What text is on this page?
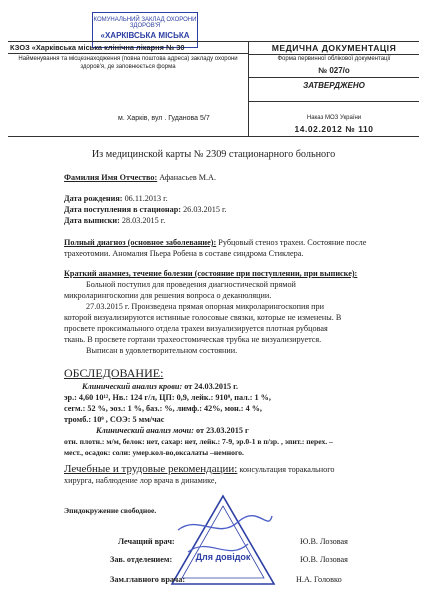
КОМУНАЛЬНИЙ ЗАКЛАД ОХОРОНИ ЗДОРОВ'Я
«ХАРКІВСЬКА МІСЬКА
КЗОЗ «Харківська міська клінічна лікарня № 30
Найменування та місцезнаходження (повна поштова адреса) закладу охорони здоров'я, де заповнюється форма
м. Харків, вул . Гуданова 5/7
МЕДИЧНА ДОКУМЕНТАЦІЯ
Форма первинної облікової документації
№ 027/о
ЗАТВЕРДЖЕНО
Наказ МОЗ України
14.02.2012 № 110
Из медицинской карты № 2309 стационарного больного
Фамилия Имя Отчество: Афанасьев М.А.
Дата рождения: 06.11.2013 г.
Дата поступления в стационар: 26.03.2015 г.
Дата выписки: 28.03.2015 г.
Полный диагноз (основное заболевание): Рубцовый стеноз трахеи. Состояние после
трахеотомии. Аномалия Пьера Робена в составе синдрома Стиклера.
Краткий анамнез, течение болезни (состояние при поступлении, при выписке):
Больной поступил для проведения диагностической прямой
микроларингоскопии для решения вопроса о деканюляции.
27.03.2015 г. Произведена прямая опорная микроларингоскопия при
которой визуализируются истинные голосовые связки, которые не изменены. В
просвете проксимального отдела трахеи визуализируется плотная рубцовая
ткань. В просвете гортани трахеостомическая трубка не визуализируется.
Выписан в удовлетворительном состоянии.
ОБСЛЕДОВАНИЕ:
Клинический анализ крови: от 24.03.2015 г.
эр.: 4,60 10¹², Нв.: 124 г/л, ЦП: 0,9, лейк.: 910⁹, пал.: 1 %,
сегм.: 52 %, эоз.: 1 %, баз.: %, лимф.: 42%, мон.: 4 %,
тромб.: 10⁹ , СОЭ: 5 мм/час
Клинический анализ мочи: от 23.03.2015 г
отн. плотн.: м/м, белок: нет, сахар: нет, лейк.: 7-9, эр.0-1 в п/зр. , эпит.: перех. –
мест., осадок: соли: умер.кол-во,оксалаты –немного.
Лечебные и трудовые рекомендации: консультация торакального
хирурга, наблюдение лор врача в динамике,
Эпидокружение свободное.
Для довідок
Лечащий врач:	Ю.В. Лозовая
Зав. отделением:	Ю.В. Лозовая
Зам.главного врача:	Н.А. Головко
